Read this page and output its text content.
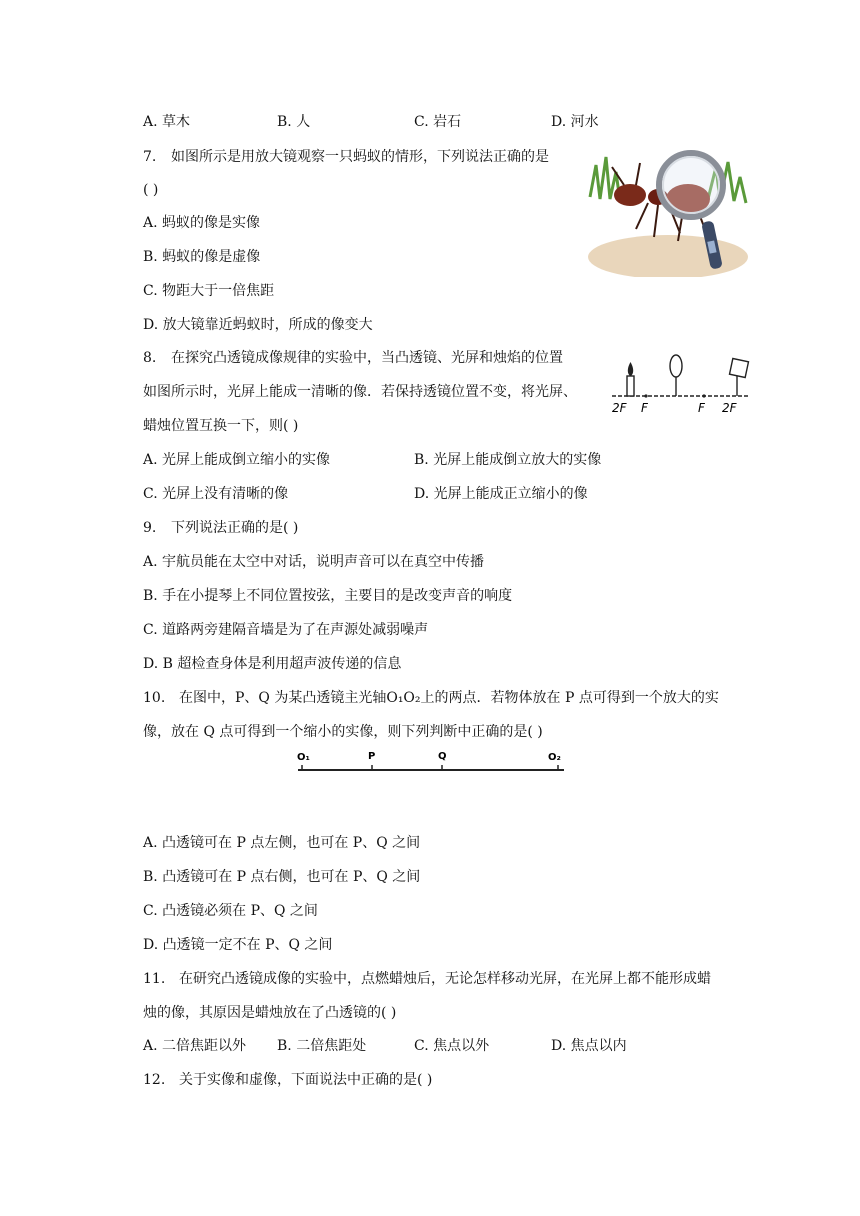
A. 草木	B. 人	C. 岩石	D. 河水
7. 如图所示是用放大镜观察一只蚂蚁的情形，下列说法正确的是
( )
A. 蚂蚁的像是实像
B. 蚂蚁的像是虚像
C. 物距大于一倍焦距
D. 放大镜靠近蚂蚁时，所成的像变大
8. 在探究凸透镜成像规律的实验中，当凸透镜、光屏和烛焰的位置
如图所示时，光屏上能成一清晰的像．若保持透镜位置不变，将光屏、
蜡烛位置互换一下，则( )
A. 光屏上能成倒立缩小的实像	B. 光屏上能成倒立放大的实像
C. 光屏上没有清晰的像	D. 光屏上能成正立缩小的像
2F F	F 2F
9. 下列说法正确的是( )
A. 宇航员能在太空中对话，说明声音可以在真空中传播
B. 手在小提琴上不同位置按弦，主要目的是改变声音的响度
C. 道路两旁建隔音墙是为了在声源处减弱噪声
D. B 超检查身体是利用超声波传递的信息
10. 在图中，P、Q 为某凸透镜主光轴O₁O₂上的两点．若物体放在 P 点可得到一个放大的实
像，放在 Q 点可得到一个缩小的实像，则下列判断中正确的是( )
O₁	P	Q	O₂
A. 凸透镜可在 P 点左侧，也可在 P、Q 之间
B. 凸透镜可在 P 点右侧，也可在 P、Q 之间
C. 凸透镜必须在 P、Q 之间
D. 凸透镜一定不在 P、Q 之间
11. 在研究凸透镜成像的实验中，点燃蜡烛后，无论怎样移动光屏，在光屏上都不能形成蜡
烛的像，其原因是蜡烛放在了凸透镜的( )
A. 二倍焦距以外 B. 二倍焦距处	C. 焦点以外	D. 焦点以内
12. 关于实像和虚像，下面说法中正确的是( )
